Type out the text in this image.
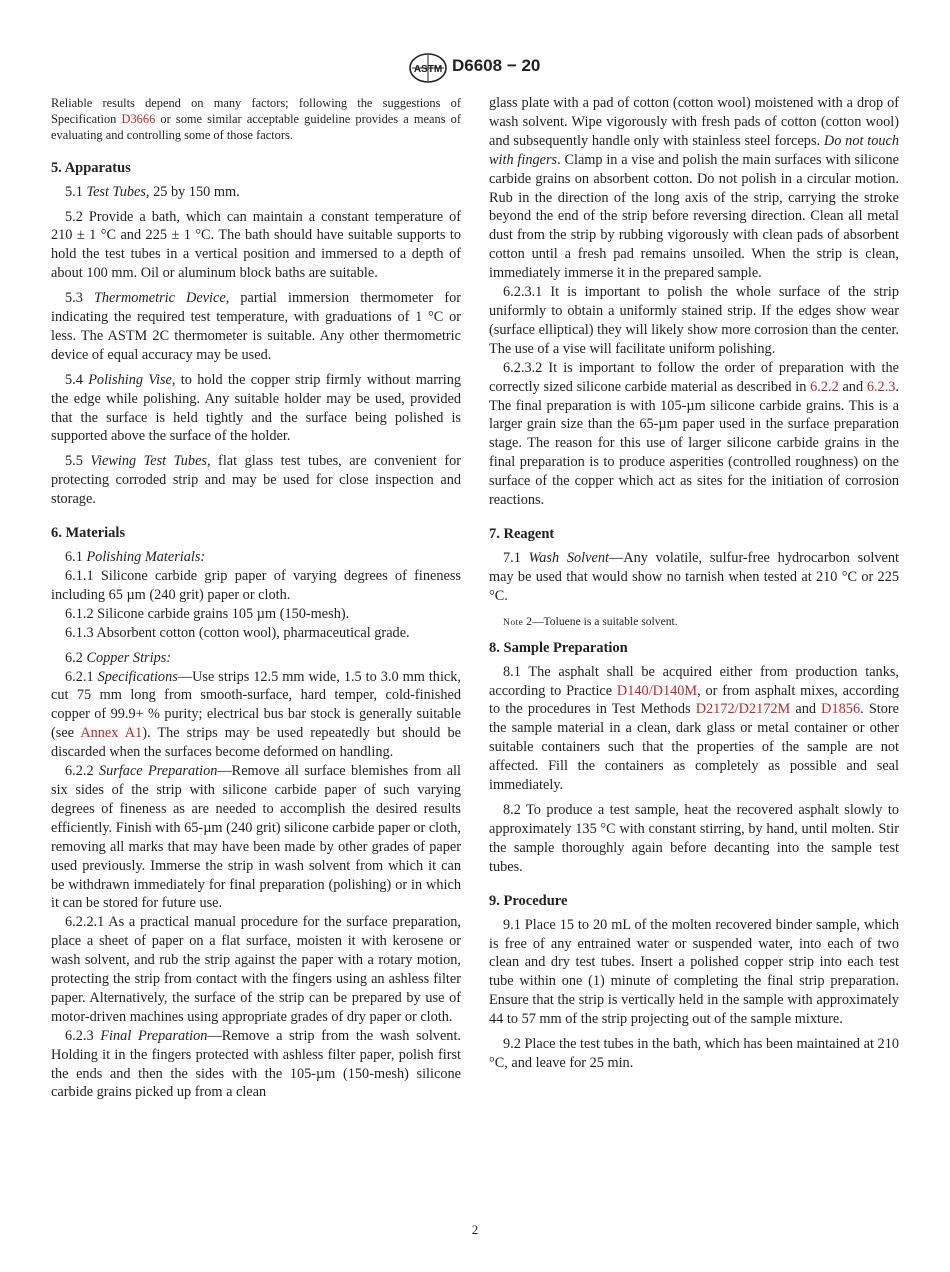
ASTM D6608 − 20

Reliable results depend on many factors; following the suggestions of Specification D3666 or some similar acceptable guideline provides a means of evaluating and controlling some of those factors.

5. Apparatus

5.1 Test Tubes, 25 by 150 mm.

5.2 Provide a bath, which can maintain a constant temperature of 210 ± 1 °C and 225 ± 1 °C. The bath should have suitable supports to hold the test tubes in a vertical position and immersed to a depth of about 100 mm. Oil or aluminum block baths are suitable.

5.3 Thermometric Device, partial immersion thermometer for indicating the required test temperature, with graduations of 1 °C or less. The ASTM 2C thermometer is suitable. Any other thermometric device of equal accuracy may be used.

5.4 Polishing Vise, to hold the copper strip firmly without marring the edge while polishing. Any suitable holder may be used, provided that the surface is held tightly and the surface being polished is supported above the surface of the holder.

5.5 Viewing Test Tubes, flat glass test tubes, are convenient for protecting corroded strip and may be used for close inspection and storage.

6. Materials

6.1 Polishing Materials:

6.1.1 Silicone carbide grip paper of varying degrees of fineness including 65 µm (240 grit) paper or cloth.

6.1.2 Silicone carbide grains 105 µm (150-mesh).

6.1.3 Absorbent cotton (cotton wool), pharmaceutical grade.

6.2 Copper Strips:

6.2.1 Specifications—Use strips 12.5 mm wide, 1.5 to 3.0 mm thick, cut 75 mm long from smooth-surface, hard temper, cold-finished copper of 99.9+ % purity; electrical bus bar stock is generally suitable (see Annex A1). The strips may be used repeatedly but should be discarded when the surfaces become deformed on handling.

6.2.2 Surface Preparation—Remove all surface blemishes from all six sides of the strip with silicone carbide paper of such varying degrees of fineness as are needed to accomplish the desired results efficiently. Finish with 65-µm (240 grit) silicone carbide paper or cloth, removing all marks that may have been made by other grades of paper used previously. Immerse the strip in wash solvent from which it can be withdrawn immediately for final preparation (polishing) or in which it can be stored for future use.

6.2.2.1 As a practical manual procedure for the surface preparation, place a sheet of paper on a flat surface, moisten it with kerosene or wash solvent, and rub the strip against the paper with a rotary motion, protecting the strip from contact with the fingers using an ashless filter paper. Alternatively, the surface of the strip can be prepared by use of motor-driven machines using appropriate grades of dry paper or cloth.

6.2.3 Final Preparation—Remove a strip from the wash solvent. Holding it in the fingers protected with ashless filter paper, polish first the ends and then the sides with the 105-µm (150-mesh) silicone carbide grains picked up from a clean

glass plate with a pad of cotton (cotton wool) moistened with a drop of wash solvent. Wipe vigorously with fresh pads of cotton (cotton wool) and subsequently handle only with stainless steel forceps. Do not touch with fingers. Clamp in a vise and polish the main surfaces with silicone carbide grains on absorbent cotton. Do not polish in a circular motion. Rub in the direction of the long axis of the strip, carrying the stroke beyond the end of the strip before reversing direction. Clean all metal dust from the strip by rubbing vigorously with clean pads of absorbent cotton until a fresh pad remains unsoiled. When the strip is clean, immediately immerse it in the prepared sample.

6.2.3.1 It is important to polish the whole surface of the strip uniformly to obtain a uniformly stained strip. If the edges show wear (surface elliptical) they will likely show more corrosion than the center. The use of a vise will facilitate uniform polishing.

6.2.3.2 It is important to follow the order of preparation with the correctly sized silicone carbide material as described in 6.2.2 and 6.2.3. The final preparation is with 105-µm silicone carbide grains. This is a larger grain size than the 65-µm paper used in the surface preparation stage. The reason for this use of larger silicone carbide grains in the final preparation is to produce asperities (controlled roughness) on the surface of the copper which act as sites for the initiation of corrosion reactions.

7. Reagent

7.1 Wash Solvent—Any volatile, sulfur-free hydrocarbon solvent may be used that would show no tarnish when tested at 210 °C or 225 °C.

Note 2—Toluene is a suitable solvent.

8. Sample Preparation

8.1 The asphalt shall be acquired either from production tanks, according to Practice D140/D140M, or from asphalt mixes, according to the procedures in Test Methods D2172/D2172M and D1856. Store the sample material in a clean, dark glass or metal container or other suitable containers such that the properties of the sample are not affected. Fill the containers as completely as possible and seal immediately.

8.2 To produce a test sample, heat the recovered asphalt slowly to approximately 135 °C with constant stirring, by hand, until molten. Stir the sample thoroughly again before decanting into the sample test tubes.

9. Procedure

9.1 Place 15 to 20 mL of the molten recovered binder sample, which is free of any entrained water or suspended water, into each of two clean and dry test tubes. Insert a polished copper strip into each test tube within one (1) minute of completing the final strip preparation. Ensure that the strip is vertically held in the sample with approximately 44 to 57 mm of the strip projecting out of the sample mixture.

9.2 Place the test tubes in the bath, which has been maintained at 210 °C, and leave for 25 min.

2
